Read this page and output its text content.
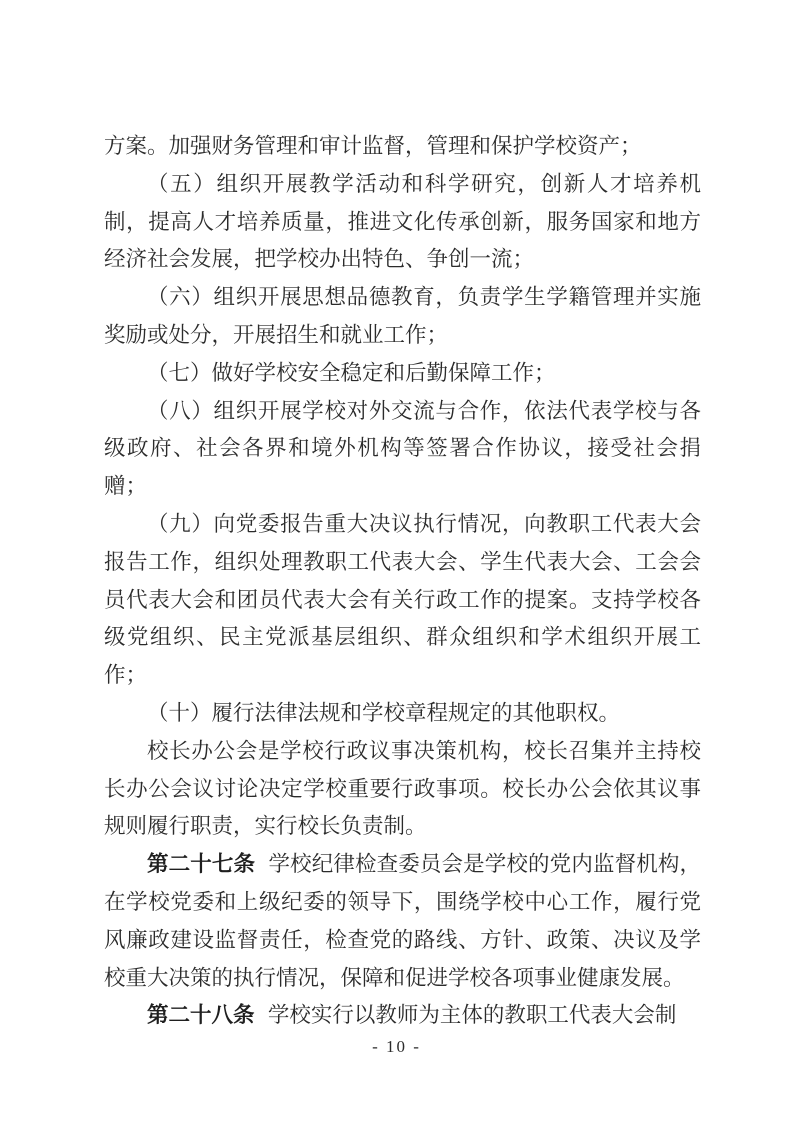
方案。加强财务管理和审计监督，管理和保护学校资产；

（五）组织开展教学活动和科学研究，创新人才培养机制，提高人才培养质量，推进文化传承创新，服务国家和地方经济社会发展，把学校办出特色、争创一流；

（六）组织开展思想品德教育，负责学生学籍管理并实施奖励或处分，开展招生和就业工作；

（七）做好学校安全稳定和后勤保障工作；

（八）组织开展学校对外交流与合作，依法代表学校与各级政府、社会各界和境外机构等签署合作协议，接受社会捐赠；

（九）向党委报告重大决议执行情况，向教职工代表大会报告工作，组织处理教职工代表大会、学生代表大会、工会会员代表大会和团员代表大会有关行政工作的提案。支持学校各级党组织、民主党派基层组织、群众组织和学术组织开展工作；

（十）履行法律法规和学校章程规定的其他职权。

校长办公会是学校行政议事决策机构，校长召集并主持校长办公会议讨论决定学校重要行政事项。校长办公会依其议事规则履行职责，实行校长负责制。

第二十七条 学校纪律检查委员会是学校的党内监督机构，在学校党委和上级纪委的领导下，围绕学校中心工作，履行党风廉政建设监督责任，检查党的路线、方针、政策、决议及学校重大决策的执行情况，保障和促进学校各项事业健康发展。

第二十八条 学校实行以教师为主体的教职工代表大会制

- 10 -
